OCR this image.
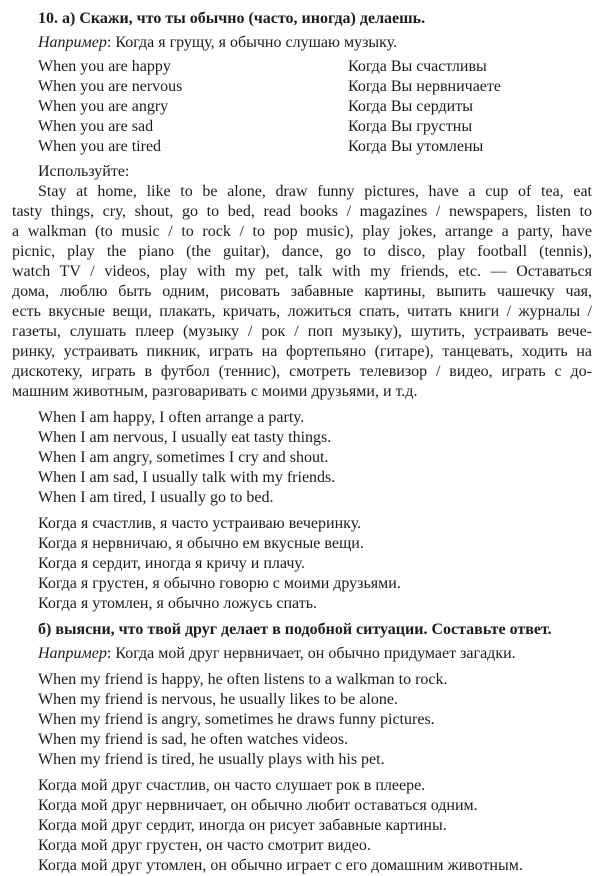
10. а) Скажи, что ты обычно (часто, иногда) делаешь.
Например: Когда я грущу, я обычно слушаю музыку.
When you are happy	Когда Вы счастливы
When you are nervous	Когда Вы нервничаете
When you are angry	Когда Вы сердиты
When you are sad	Когда Вы грустны
When you are tired	Когда Вы утомлены
Используйте:
Stay at home, like to be alone, draw funny pictures, have a cup of tea, eat
tasty things, cry, shout, go to bed, read books / magazines / newspapers, listen to
a walkman (to music / to rock / to pop music), play jokes, arrange a party, have
picnic, play the piano (the guitar), dance, go to disco, play football (tennis),
watch TV / videos, play with my pet, talk with my friends, etc. — Оставаться
дома, люблю быть одним, рисовать забавные картины, выпить чашечку чая,
есть вкусные вещи, плакать, кричать, ложиться спать, читать книги / журналы /
газеты, слушать плеер (музыку / рок / поп музыку), шутить, устраивать вече-
ринку, устраивать пикник, играть на фортепьяно (гитаре), танцевать, ходить на
дискотеку, играть в футбол (теннис), смотреть телевизор / видео, играть с до-
машним животным, разговаривать с моими друзьями, и т.д.
When I am happy, I often arrange a party.
When I am nervous, I usually eat tasty things.
When I am angry, sometimes I cry and shout.
When I am sad, I usually talk with my friends.
When I am tired, I usually go to bed.
Когда я счастлив, я часто устраиваю вечеринку.
Когда я нервничаю, я обычно ем вкусные вещи.
Когда я сердит, иногда я кричу и плачу.
Когда я грустен, я обычно говорю с моими друзьями.
Когда я утомлен, я обычно ложусь спать.
б) выясни, что твой друг делает в подобной ситуации. Составьте ответ.
Например: Когда мой друг нервничает, он обычно придумает загадки.
When my friend is happy, he often listens to a walkman to rock.
When my friend is nervous, he usually likes to be alone.
When my friend is angry, sometimes he draws funny pictures.
When my friend is sad, he often watches videos.
When my friend is tired, he usually plays with his pet.
Когда мой друг счастлив, он часто слушает рок в плеере.
Когда мой друг нервничает, он обычно любит оставаться одним.
Когда мой друг сердит, иногда он рисует забавные картины.
Когда мой друг грустен, он часто смотрит видео.
Когда мой друг утомлен, он обычно играет с его домашним животным.
